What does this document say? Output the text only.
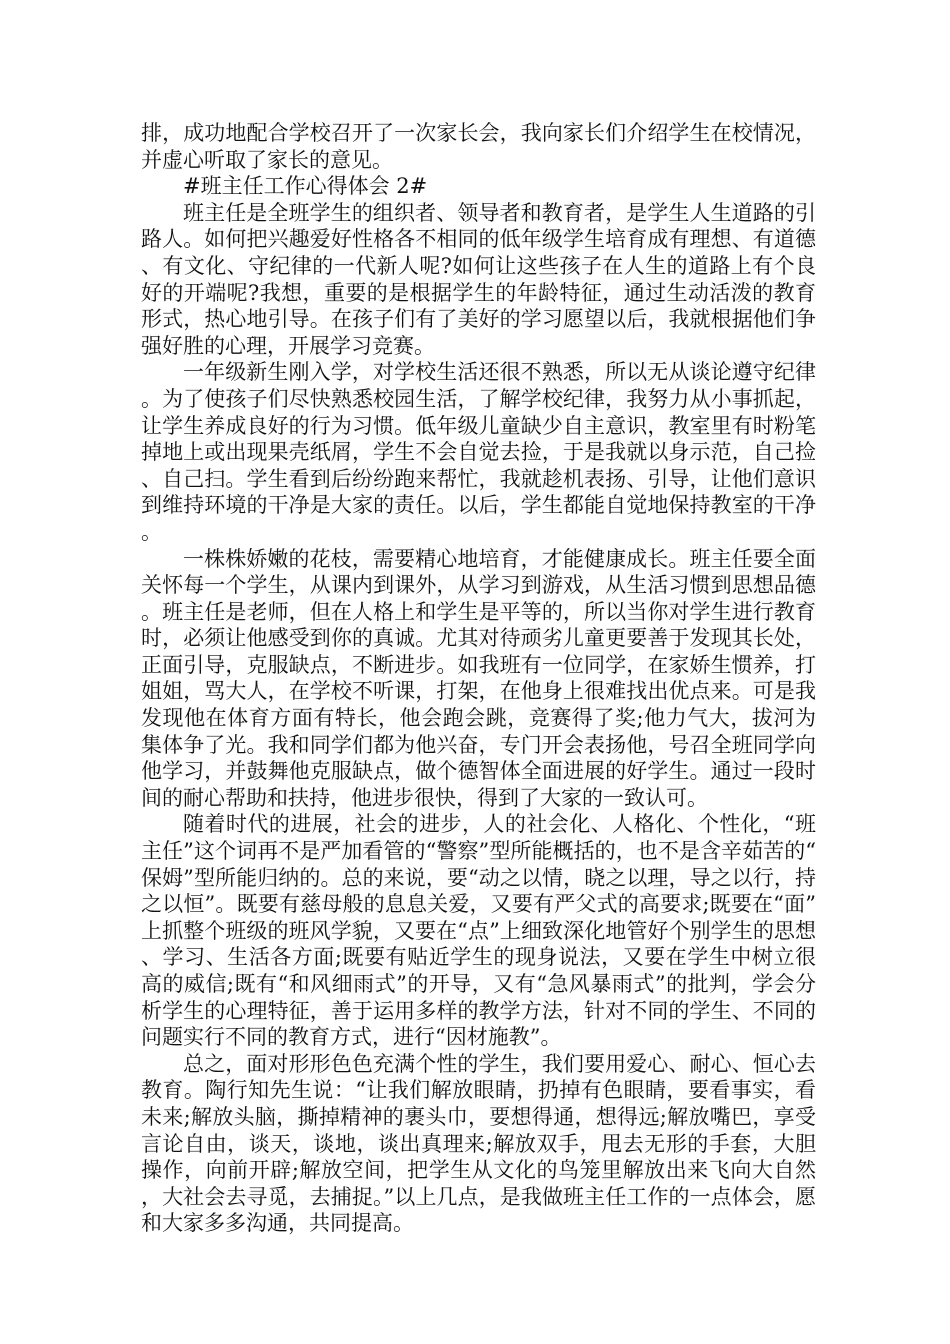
排，成功地配合学校召开了一次家长会，我向家长们介绍学生在校情况，并虚心听取了家长的意见。

#班主任工作心得体会 2#

班主任是全班学生的组织者、领导者和教育者，是学生人生道路的引路人。如何把兴趣爱好性格各不相同的低年级学生培育成有理想、有道德、有文化、守纪律的一代新人呢?如何让这些孩子在人生的道路上有个良好的开端呢?我想，重要的是根据学生的年龄特征，通过生动活泼的教育形式，热心地引导。在孩子们有了美好的学习愿望以后，我就根据他们争强好胜的心理，开展学习竞赛。

一年级新生刚入学，对学校生活还很不熟悉，所以无从谈论遵守纪律。为了使孩子们尽快熟悉校园生活，了解学校纪律，我努力从小事抓起，让学生养成良好的行为习惯。低年级儿童缺少自主意识，教室里有时粉笔掉地上或出现果壳纸屑，学生不会自觉去捡，于是我就以身示范，自己捡、自己扫。学生看到后纷纷跑来帮忙，我就趁机表扬、引导，让他们意识到维持环境的干净是大家的责任。以后，学生都能自觉地保持教室的干净。

一株株娇嫩的花枝，需要精心地培育，才能健康成长。班主任要全面关怀每一个学生，从课内到课外，从学习到游戏，从生活习惯到思想品德。班主任是老师，但在人格上和学生是平等的，所以当你对学生进行教育时，必须让他感受到你的真诚。尤其对待顽劣儿童更要善于发现其长处，正面引导，克服缺点，不断进步。如我班有一位同学，在家娇生惯养，打姐姐，骂大人，在学校不听课，打架，在他身上很难找出优点来。可是我发现他在体育方面有特长，他会跑会跳，竞赛得了奖;他力气大，拔河为集体争了光。我和同学们都为他兴奋，专门开会表扬他，号召全班同学向他学习，并鼓舞他克服缺点，做个德智体全面进展的好学生。通过一段时间的耐心帮助和扶持，他进步很快，得到了大家的一致认可。

随着时代的进展，社会的进步，人的社会化、人格化、个性化，“班主任”这个词再不是严加看管的“警察”型所能概括的，也不是含辛茹苦的“保姆”型所能归纳的。总的来说，要“动之以情，晓之以理，导之以行，持之以恒”。既要有慈母般的息息关爱，又要有严父式的高要求;既要在“面”上抓整个班级的班风学貌，又要在“点”上细致深化地管好个别学生的思想、学习、生活各方面;既要有贴近学生的现身说法，又要在学生中树立很高的威信;既有“和风细雨式”的开导，又有“急风暴雨式”的批判，学会分析学生的心理特征，善于运用多样的教学方法，针对不同的学生、不同的问题实行不同的教育方式，进行“因材施教”。

总之，面对形形色色充满个性的学生，我们要用爱心、耐心、恒心去教育。陶行知先生说：“让我们解放眼睛，扔掉有色眼睛，要看事实，看未来;解放头脑，撕掉精神的裹头巾，要想得通，想得远;解放嘴巴，享受言论自由，谈天，谈地，谈出真理来;解放双手，甩去无形的手套，大胆操作，向前开辟;解放空间，把学生从文化的鸟笼里解放出来飞向大自然，大社会去寻觅，去捕捉。”以上几点，是我做班主任工作的一点体会，愿和大家多多沟通，共同提高。
